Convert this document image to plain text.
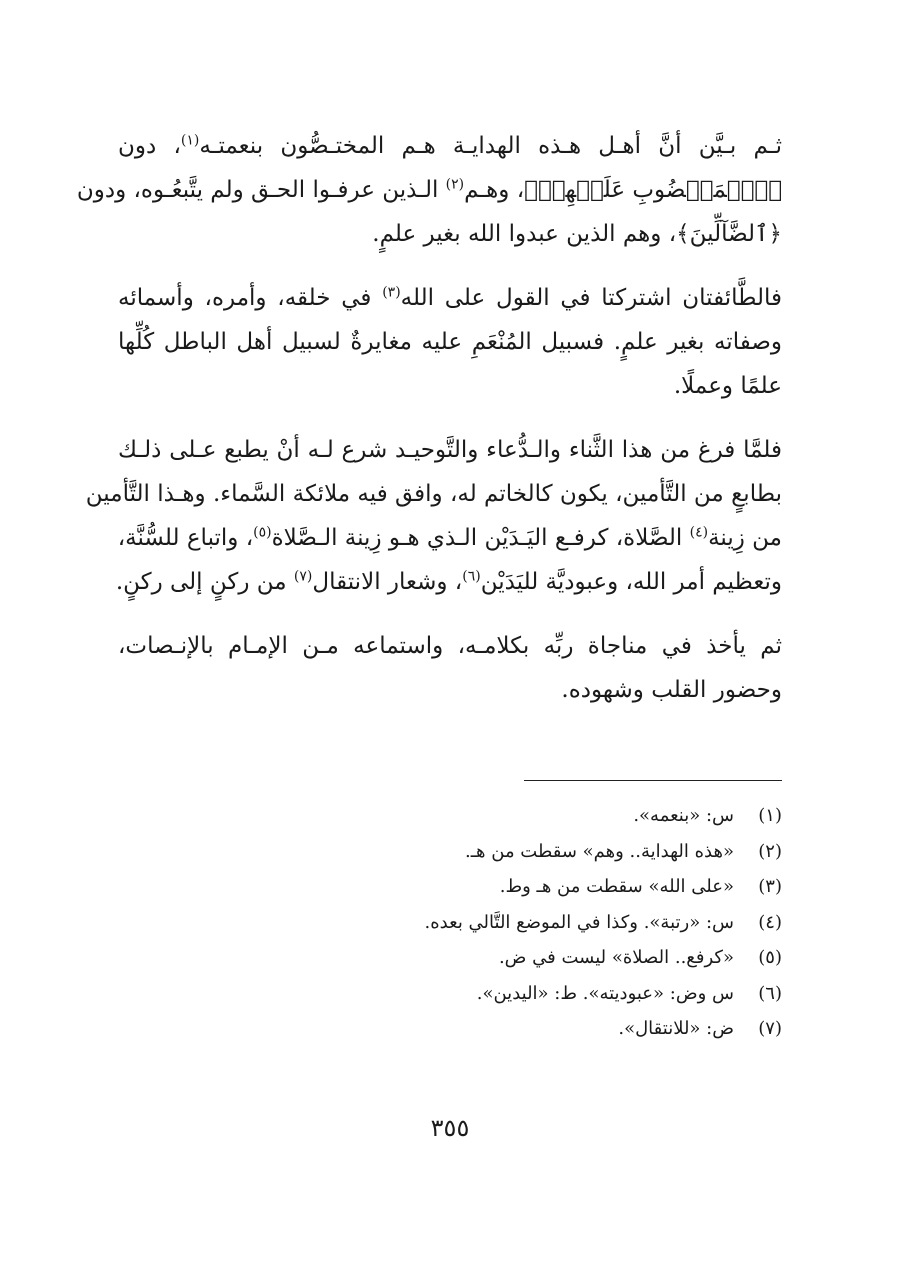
ثـم بـيَّن أنَّ أهـل هـذه الهدايـة هـم المختـصُّون بنعمتـه$^{(١)}$، دون
﴿ٱلۡمَغۡضُوبِ عَلَيۡهِمۡ﴾، وهـم$^{(٢)}$ الـذين عرفـوا الحـق ولم يتَّبعُـوه، ودون
﴿ٱلضَّآلِّينَ﴾، وهم الذين عبدوا الله بغير علمٍ.

فالطَّائفتان اشتركتا في القول على الله$^{(٣)}$ في خلقه، وأمره، وأسمائه
وصفاته بغير علمٍ. فسبيل المُنْعَمِ عليه مغايرةٌ لسبيل أهل الباطل كُلِّها
علمًا وعملًا.

فلمَّا فرغ من هذا الثَّناء والـدُّعاء والتَّوحيـد شرع لـه أنْ يطبع عـلى ذلـك
بطابعٍ من التَّأمين، يكون كالخاتم له، وافق فيه ملائكة السَّماء. وهـذا التَّأمين
من زِينة$^{(٤)}$ الصَّلاة، كرفـع اليَـدَيْن الـذي هـو زِينة الـصَّلاة$^{(٥)}$، واتباع للسُّنَّة،
وتعظيم أمر الله، وعبوديَّة لليَدَيْن$^{(٦)}$، وشعار الانتقال$^{(٧)}$ من ركنٍ إلى ركنٍ.

ثم يأخذ في مناجاة ربِّه بكلامـه، واستماعه مـن الإمـام بالإنـصات،
وحضور القلب وشهوده.

(١)س: «بنعمه».
(٢)«هذه الهداية.. وهم» سقطت من هـ.
(٣)«على الله» سقطت من هـ وط.
(٤)س: «رتبة». وكذا في الموضع التَّالي بعده.
(٥)«كرفع.. الصلاة» ليست في ض.
(٦)س وض: «عبوديته». ط: «اليدين».
(٧)ض: «للانتقال».
٣٥٥
